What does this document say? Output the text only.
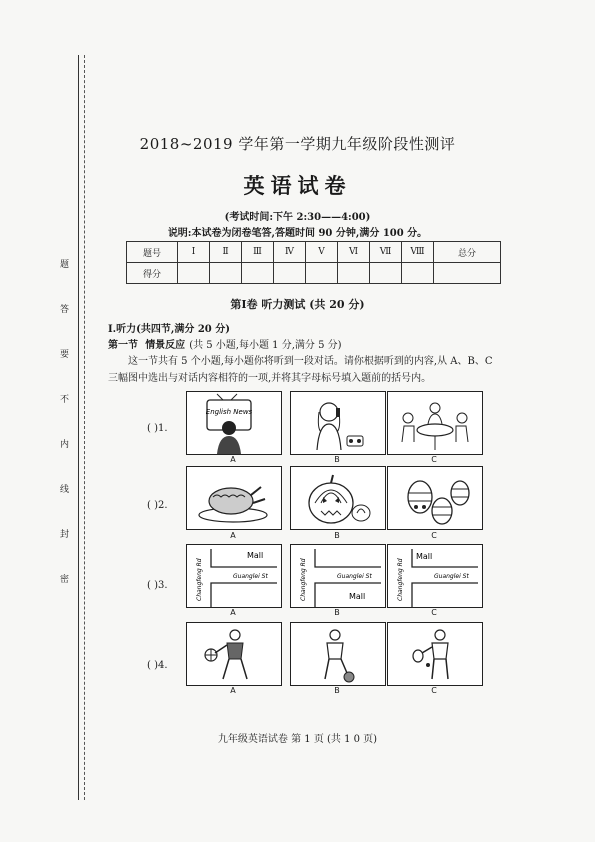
题
答
要
不
内
线
封
密
2018~2019 学年第一学期九年级阶段性测评
英语试卷
(考试时间:下午 2:30——4:00)
说明:本试卷为闭卷笔答,答题时间 90 分钟,满分 100 分。
题号	Ⅰ	Ⅱ	Ⅲ	Ⅳ	Ⅴ	Ⅵ	Ⅶ	Ⅷ	总分
得分									
第Ⅰ卷 听力测试 (共 20 分)
Ⅰ.听力(共四节,满分 20 分)
第一节 情景反应 (共 5 小题,每小题 1 分,满分 5 分)
这一节共有 5 个小题,每小题你将听到一段对话。请你根据听到的内容,从 A、B、C 三幅图中选出与对话内容相符的一项,并将其字母标号填入题前的括号内。
( )1.
English News
A	B	C
( )2.
A	B	C
( )3.
Mall
Guanglei St
Changfeng Rd	Guanglei St
Mall
Changfeng Rd
Mall
Guanglei St
Changfeng Rd
A	B	C
( )4.
A	B	C
九年级英语试卷 第 1 页 (共 1 0 页)
